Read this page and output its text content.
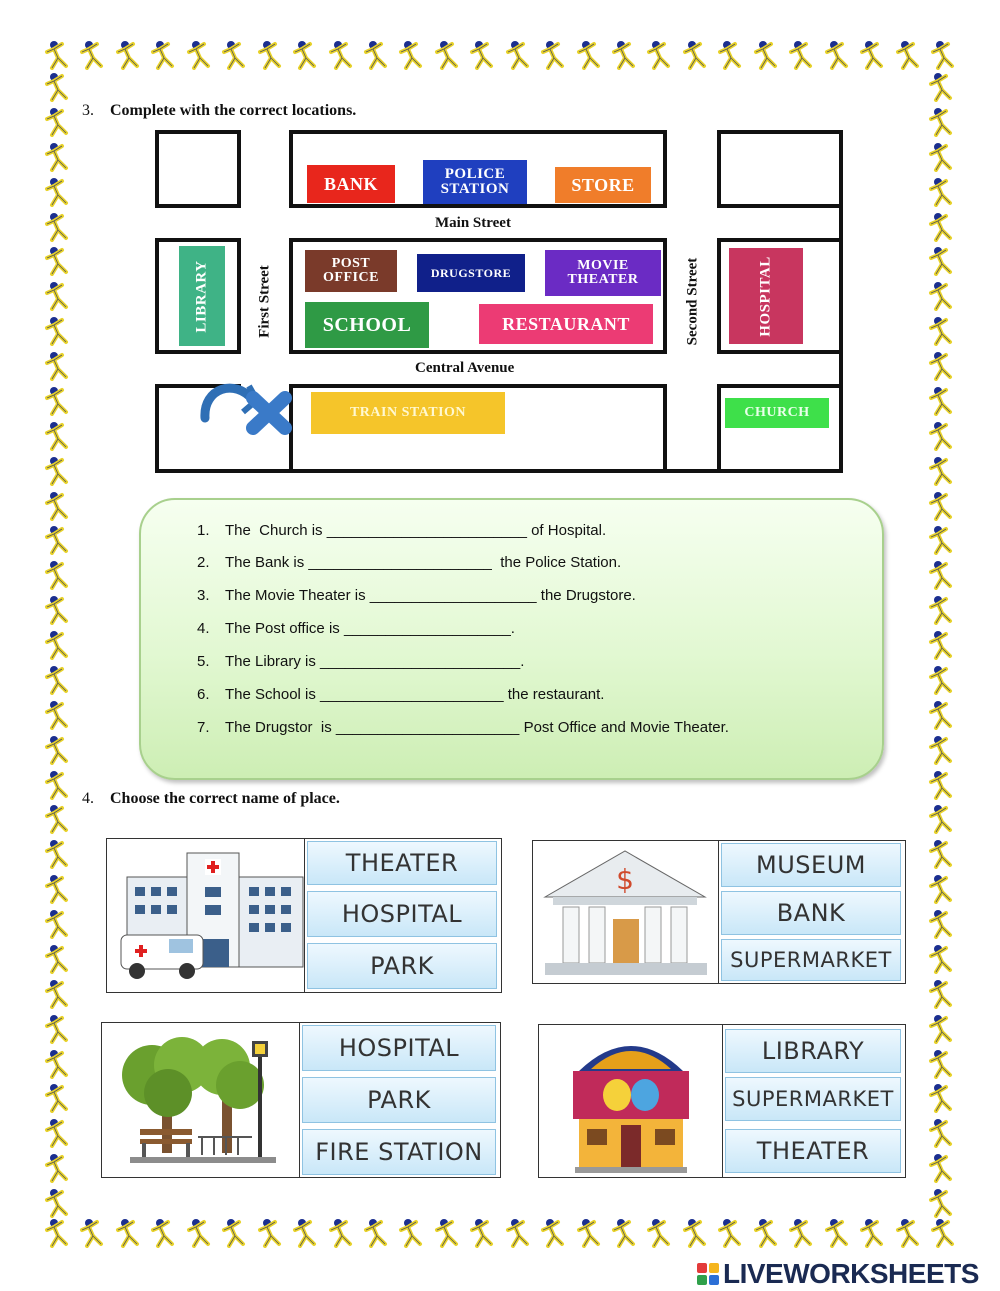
3. Complete with the correct locations.
Main Street
Central Avenue
First Street	Second Street
BANK	POLICE STATION	STORE
POST OFFICE	DRUGSTORE	MOVIE THEATER
SCHOOL	RESTAURANT
LIBRARY	HOSPITAL
TRAIN STATION	CHURCH
1. The  Church is ________________________ of Hospital.
2. The Bank is ______________________  the Police Station.
3. The Movie Theater is ____________________ the Drugstore.
4. The Post office is ____________________.
5. The Library is ________________________.
6. The School is ______________________ the restaurant.
7. The Drugstor  is ______________________ Post Office and Movie Theater.
4. Choose the correct name of place.
THEATER
HOSPITAL
PARK
$	MUSEUM
BANK
SUPERMARKET
HOSPITAL
PARK
FIRE STATION
LIBRARY
SUPERMARKET
THEATER
LIVEWORKSHEETS
